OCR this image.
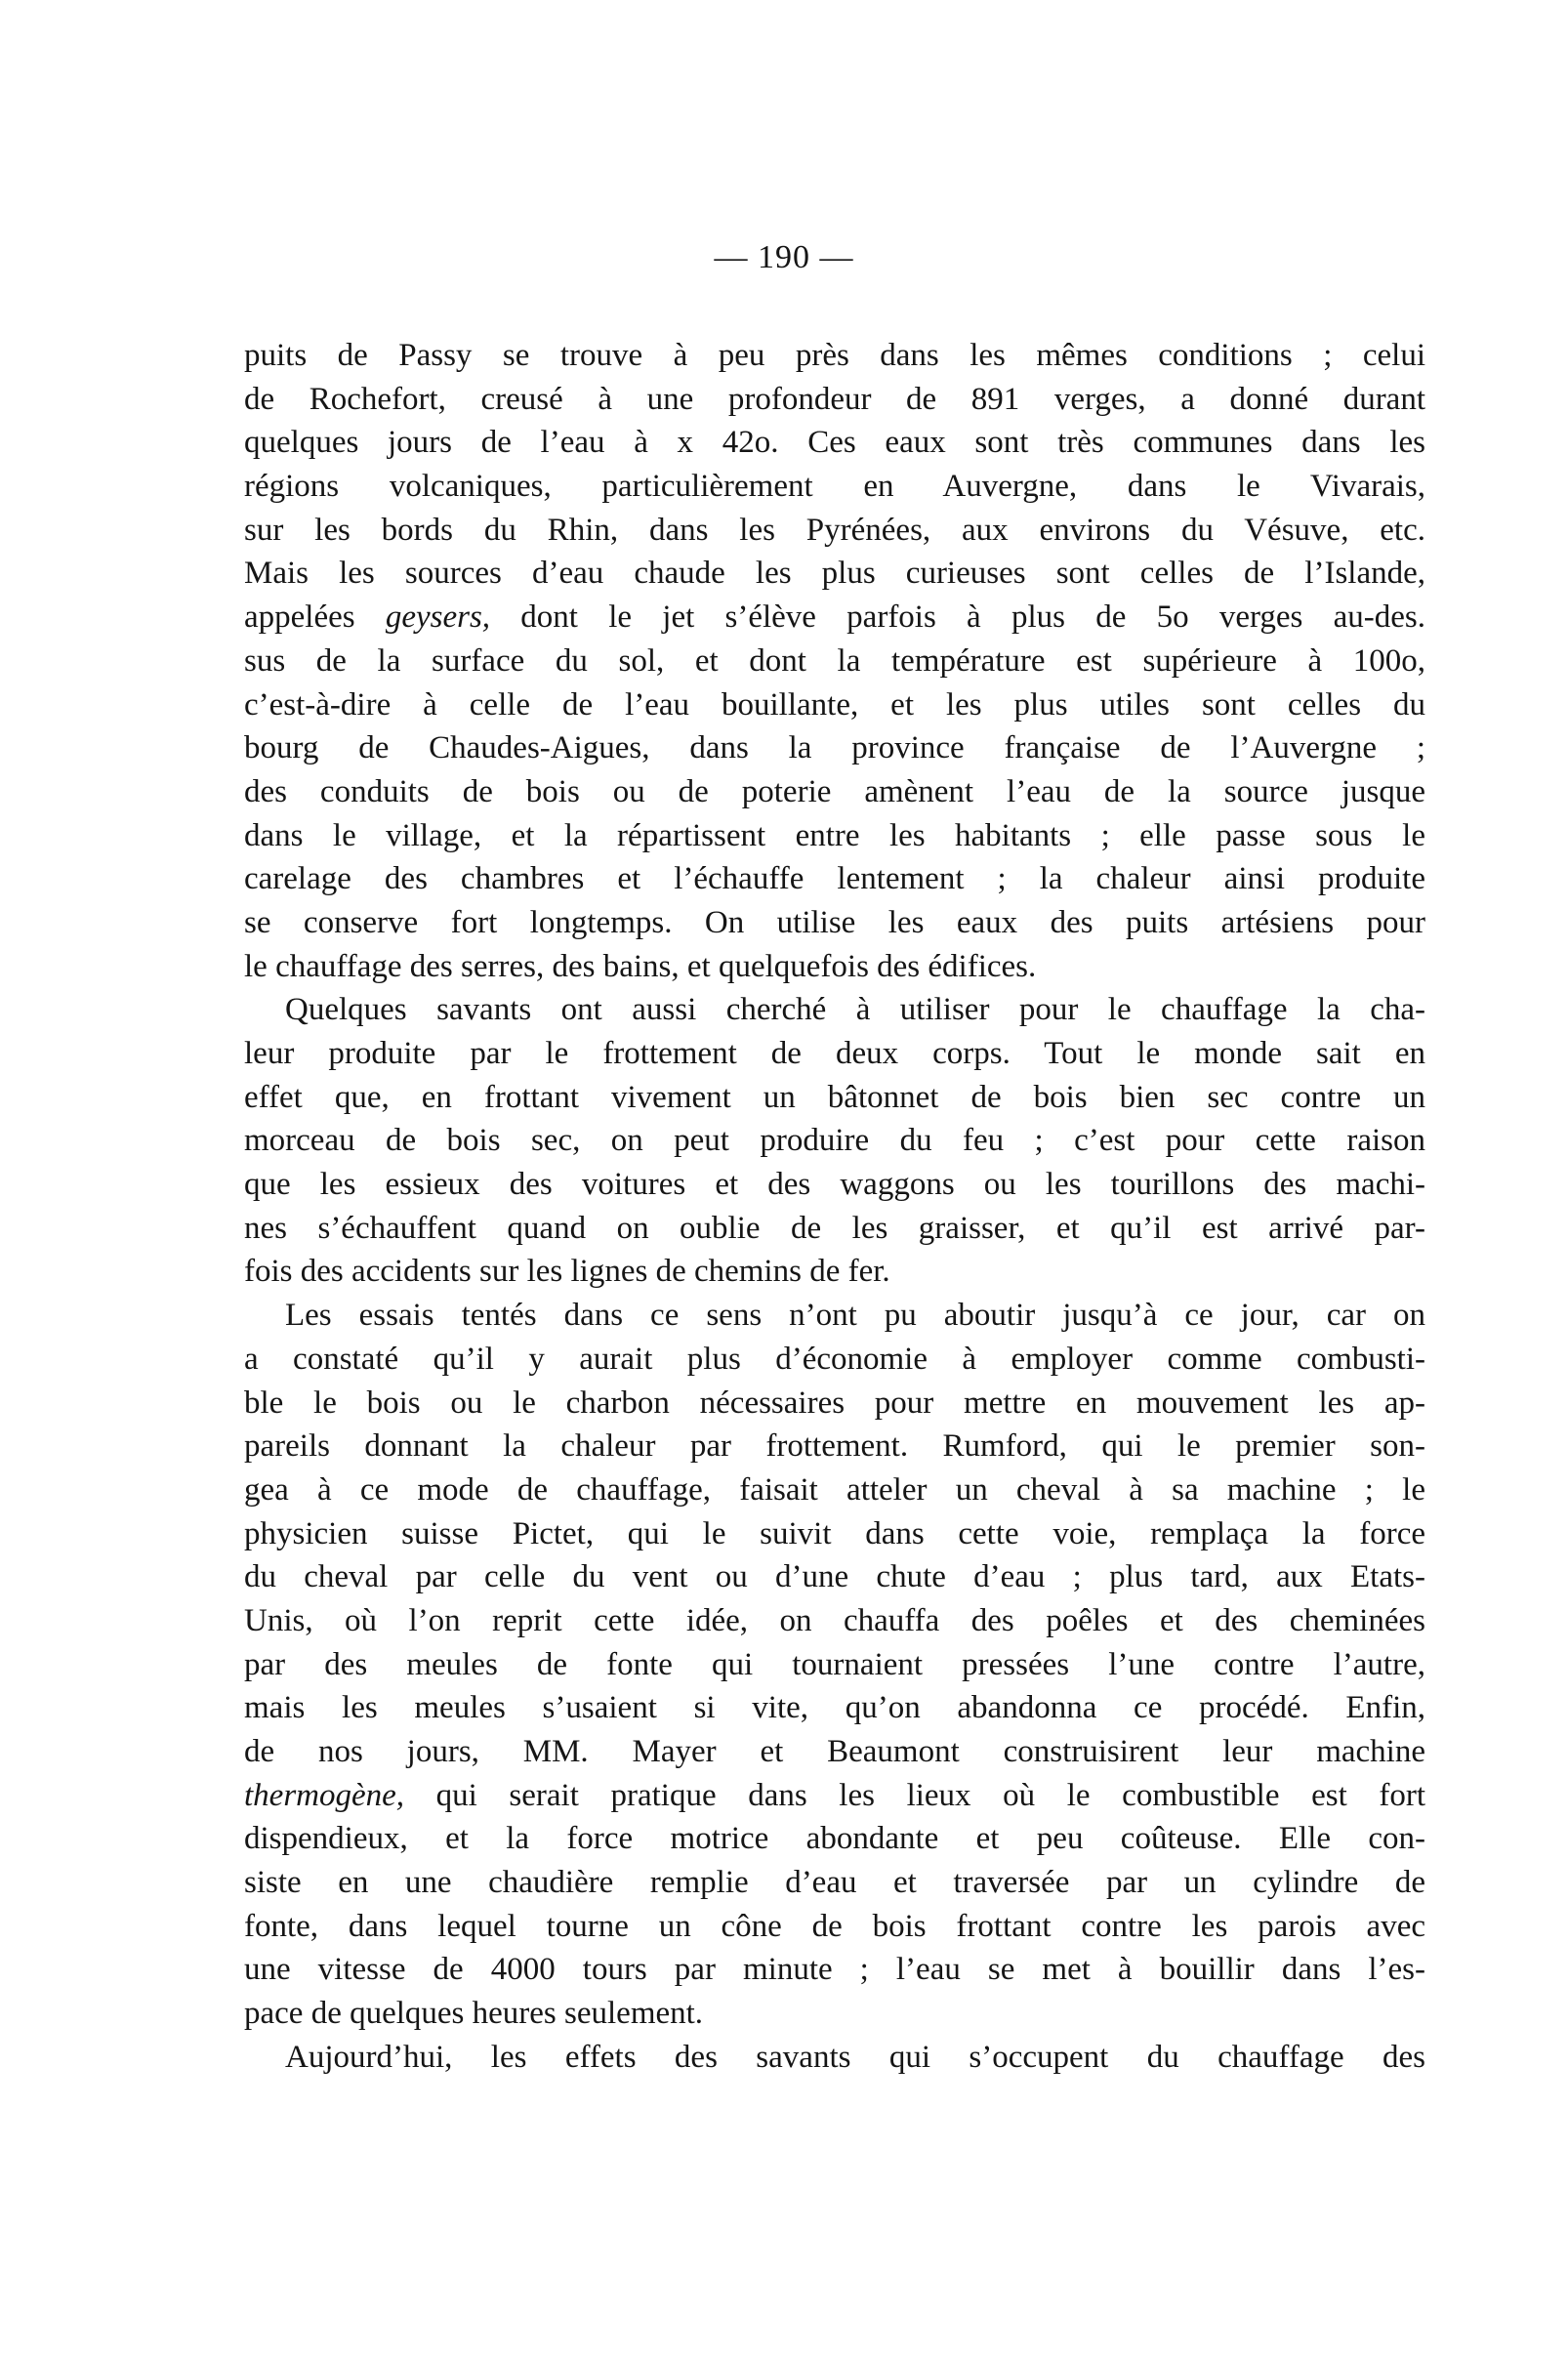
— 190 —
puits de Passy se trouve à peu près dans les mêmes conditions ; celui
de Rochefort, creusé à une profondeur de 891 verges, a donné durant
quelques jours de l’eau à x 42o. Ces eaux sont très communes dans les
régions volcaniques, particulièrement en Auvergne, dans le Vivarais,
sur les bords du Rhin, dans les Pyrénées, aux environs du Vésuve, etc.
Mais les sources d’eau chaude les plus curieuses sont celles de l’Islande,
appelées geysers, dont le jet s’élève parfois à plus de 5o verges au-des.
sus de la surface du sol, et dont la température est supérieure à 100o,
c’est-à-dire à celle de l’eau bouillante, et les plus utiles sont celles du
bourg de Chaudes-Aigues, dans la province française de l’Auvergne ;
des conduits de bois ou de poterie amènent l’eau de la source jusque
dans le village, et la répartissent entre les habitants ; elle passe sous le
carelage des chambres et l’échauffe lentement ; la chaleur ainsi produite
se conserve fort longtemps. On utilise les eaux des puits artésiens pour
le chauffage des serres, des bains, et quelquefois des édifices.
Quelques savants ont aussi cherché à utiliser pour le chauffage la cha-
leur produite par le frottement de deux corps. Tout le monde sait en
effet que, en frottant vivement un bâtonnet de bois bien sec contre un
morceau de bois sec, on peut produire du feu ; c’est pour cette raison
que les essieux des voitures et des waggons ou les tourillons des machi-
nes s’échauffent quand on oublie de les graisser, et qu’il est arrivé par-
fois des accidents sur les lignes de chemins de fer.
Les essais tentés dans ce sens n’ont pu aboutir jusqu’à ce jour, car on
a constaté qu’il y aurait plus d’économie à employer comme combusti-
ble le bois ou le charbon nécessaires pour mettre en mouvement les ap-
pareils donnant la chaleur par frottement. Rumford, qui le premier son-
gea à ce mode de chauffage, faisait atteler un cheval à sa machine ; le
physicien suisse Pictet, qui le suivit dans cette voie, remplaça la force
du cheval par celle du vent ou d’une chute d’eau ; plus tard, aux Etats-
Unis, où l’on reprit cette idée, on chauffa des poêles et des cheminées
par des meules de fonte qui tournaient pressées l’une contre l’autre,
mais les meules s’usaient si vite, qu’on abandonna ce procédé. Enfin,
de nos jours, MM. Mayer et Beaumont construisirent leur machine
thermogène, qui serait pratique dans les lieux où le combustible est fort
dispendieux, et la force motrice abondante et peu coûteuse. Elle con-
siste en une chaudière remplie d’eau et traversée par un cylindre de
fonte, dans lequel tourne un cône de bois frottant contre les parois avec
une vitesse de 4000 tours par minute ; l’eau se met à bouillir dans l’es-
pace de quelques heures seulement.
Aujourd’hui, les effets des savants qui s’occupent du chauffage des
